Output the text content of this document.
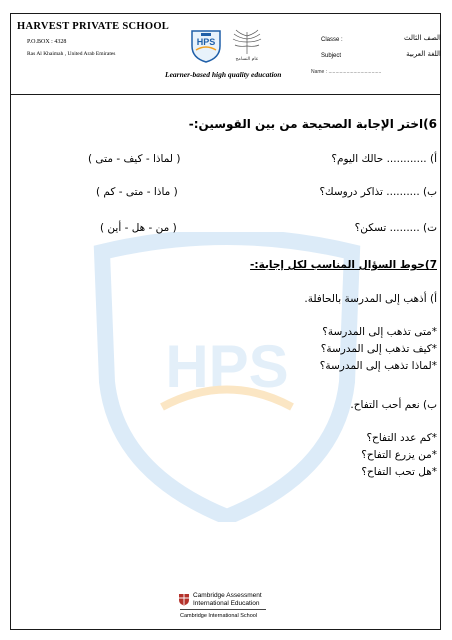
HARVEST PRIVATE SCHOOL
P.O.BOX : 4328
Ras Al Khaimah , United Arab Emirates
HPS
عام التسامح
Learner-based high quality education
Classe :	الصف الثالث
Subject	اللغة العربية
Name : ......................................
HPS
6)اختر الإجابة الصحيحة من بين القوسين:-
أ) ............ حالك اليوم؟
( لماذا - كيف - متى )
ب) .......... تذاكر دروسك؟
( ماذا - متى - كم )
ت) ......... تسكن؟
( من - هل - أين )
7)حوط السؤال المناسب لكل إجابة:-
أ) أذهب إلى المدرسة بالحافلة.
*متى تذهب إلى المدرسة؟
*كيف تذهب إلى المدرسة؟
*لماذا تذهب إلى المدرسة؟
ب) نعم أحب التفاح.
*كم عدد التفاح؟
*من يزرع التفاح؟
*هل تحب التفاح؟
Cambridge Assessment
International Education
Cambridge International School
